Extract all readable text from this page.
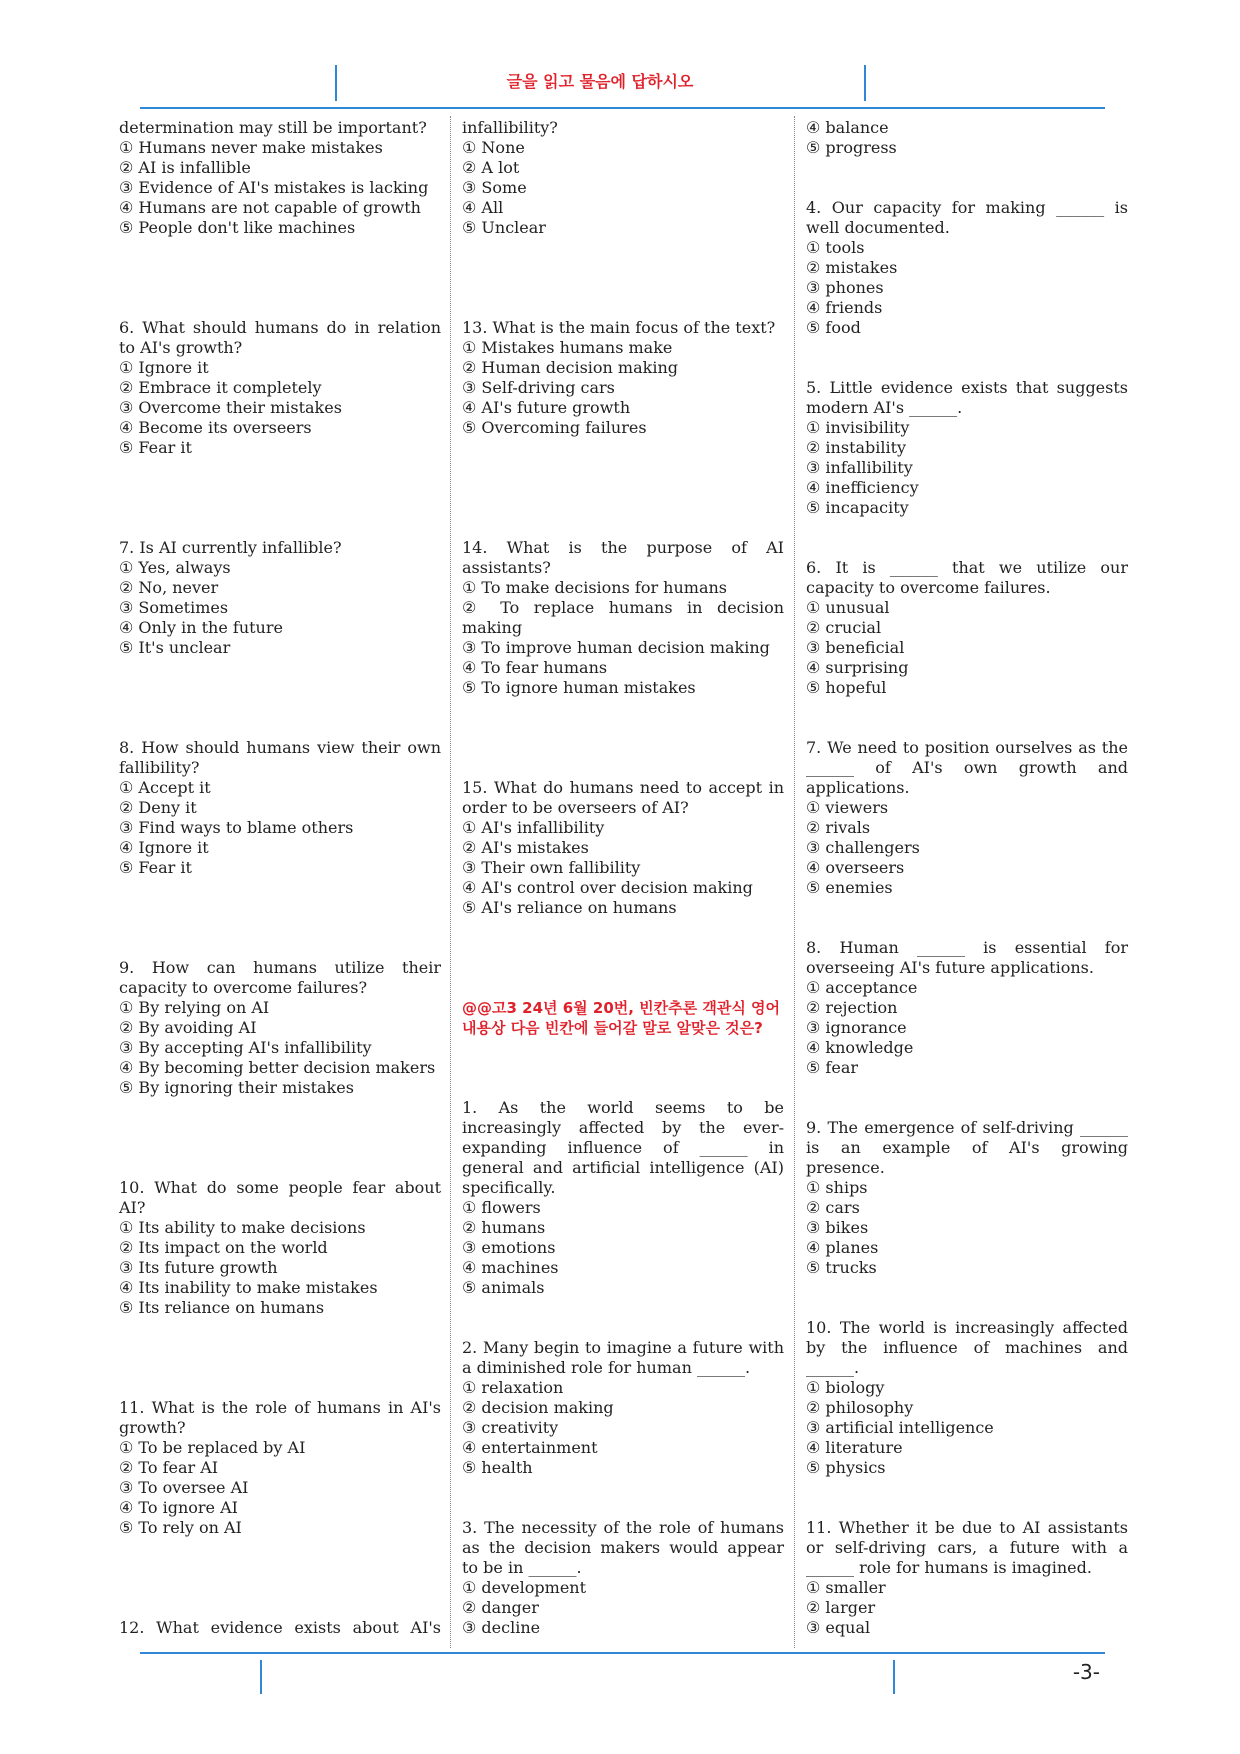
글을 읽고 물음에 답하시오
determination may still be important?
① Humans never make mistakes
② AI is infallible
③ Evidence of AI's mistakes is lacking
④ Humans are not capable of growth
⑤ People don't like machines
6. What should humans do in relation to AI's growth?
① Ignore it
② Embrace it completely
③ Overcome their mistakes
④ Become its overseers
⑤ Fear it
7. Is AI currently infallible?
① Yes, always
② No, never
③ Sometimes
④ Only in the future
⑤ It's unclear
8. How should humans view their own fallibility?
① Accept it
② Deny it
③ Find ways to blame others
④ Ignore it
⑤ Fear it
9. How can humans utilize their capacity to overcome failures?
① By relying on AI
② By avoiding AI
③ By accepting AI's infallibility
④ By becoming better decision makers
⑤ By ignoring their mistakes
10. What do some people fear about AI?
① Its ability to make decisions
② Its impact on the world
③ Its future growth
④ Its inability to make mistakes
⑤ Its reliance on humans
11. What is the role of humans in AI's growth?
① To be replaced by AI
② To fear AI
③ To oversee AI
④ To ignore AI
⑤ To rely on AI
12. What evidence exists about AI's
infallibility?
① None
② A lot
③ Some
④ All
⑤ Unclear
13. What is the main focus of the text?
① Mistakes humans make
② Human decision making
③ Self-driving cars
④ AI's future growth
⑤ Overcoming failures
14. What is the purpose of AI assistants?
① To make decisions for humans
② To replace humans in decision making
③ To improve human decision making
④ To fear humans
⑤ To ignore human mistakes
15. What do humans need to accept in order to be overseers of AI?
① AI's infallibility
② AI's mistakes
③ Their own fallibility
④ AI's control over decision making
⑤ AI's reliance on humans
@@고3 24년 6월 20번, 빈칸추론 객관식 영어
내용상 다음 빈칸에 들어갈 말로 알맞은 것은?
1. As the world seems to be increasingly affected by the ever-expanding influence of ______ in general and artificial intelligence (AI) specifically.
① flowers
② humans
③ emotions
④ machines
⑤ animals
2. Many begin to imagine a future with a diminished role for human ______.
① relaxation
② decision making
③ creativity
④ entertainment
⑤ health
3. The necessity of the role of humans as the decision makers would appear to be in ______.
① development
② danger
③ decline
④ balance
⑤ progress
4. Our capacity for making ______ is well documented.
① tools
② mistakes
③ phones
④ friends
⑤ food
5. Little evidence exists that suggests modern AI's ______.
① invisibility
② instability
③ infallibility
④ inefficiency
⑤ incapacity
6. It is ______ that we utilize our capacity to overcome failures.
① unusual
② crucial
③ beneficial
④ surprising
⑤ hopeful
7. We need to position ourselves as the ______ of AI's own growth and applications.
① viewers
② rivals
③ challengers
④ overseers
⑤ enemies
8. Human ______ is essential for overseeing AI's future applications.
① acceptance
② rejection
③ ignorance
④ knowledge
⑤ fear
9. The emergence of self-driving ______ is an example of AI's growing presence.
① ships
② cars
③ bikes
④ planes
⑤ trucks
10. The world is increasingly affected by the influence of machines and ______.
① biology
② philosophy
③ artificial intelligence
④ literature
⑤ physics
11. Whether it be due to AI assistants or self-driving cars, a future with a ______ role for humans is imagined.
① smaller
② larger
③ equal
-3-
